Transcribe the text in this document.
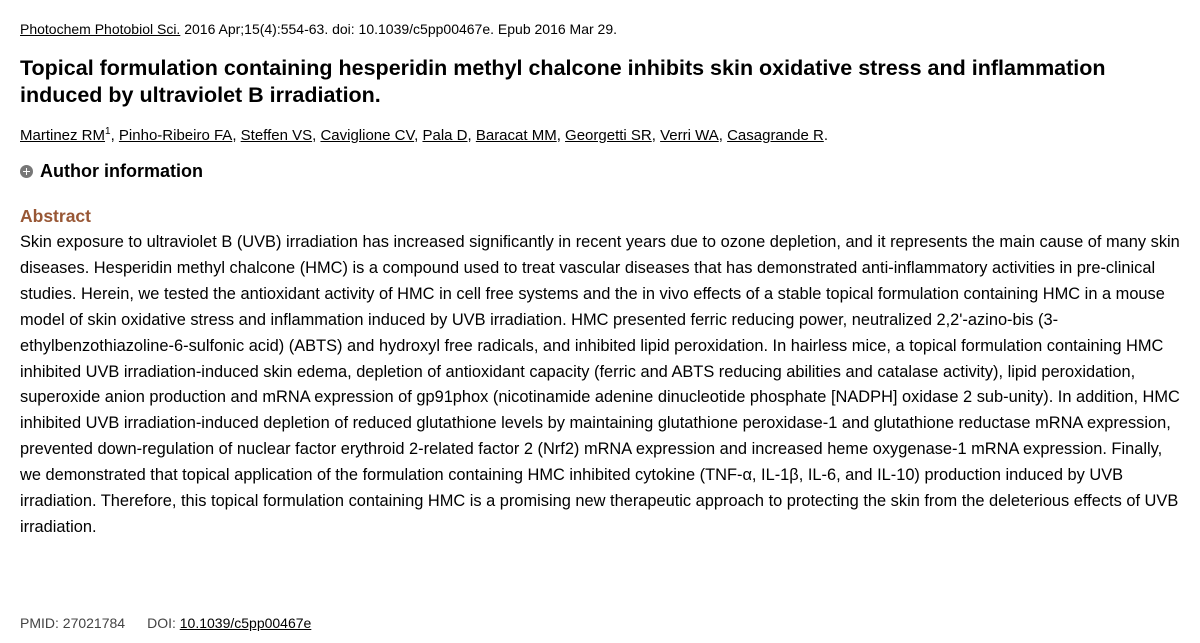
Photochem Photobiol Sci. 2016 Apr;15(4):554-63. doi: 10.1039/c5pp00467e. Epub 2016 Mar 29.
Topical formulation containing hesperidin methyl chalcone inhibits skin oxidative stress and inflammation induced by ultraviolet B irradiation.
Martinez $RM^1$, Pinho-Ribeiro FA, Steffen VS, Caviglione CV, Pala D, Baracat MM, Georgetti SR, Verri WA, Casagrande R.
Author information
Abstract

Skin exposure to ultraviolet B (UVB) irradiation has increased significantly in recent years due to ozone depletion, and it represents the main cause of many skin diseases. Hesperidin methyl chalcone (HMC) is a compound used to treat vascular diseases that has demonstrated anti-inflammatory activities in pre-clinical studies. Herein, we tested the antioxidant activity of HMC in cell free systems and the in vivo effects of a stable topical formulation containing HMC in a mouse model of skin oxidative stress and inflammation induced by UVB irradiation. HMC presented ferric reducing power, neutralized 2,2'-azino-bis (3-ethylbenzothiazoline-6-sulfonic acid) (ABTS) and hydroxyl free radicals, and inhibited lipid peroxidation. In hairless mice, a topical formulation containing HMC inhibited UVB irradiation-induced skin edema, depletion of antioxidant capacity (ferric and ABTS reducing abilities and catalase activity), lipid peroxidation, superoxide anion production and mRNA expression of gp91phox (nicotinamide adenine dinucleotide phosphate [NADPH] oxidase 2 sub-unity). In addition, HMC inhibited UVB irradiation-induced depletion of reduced glutathione levels by maintaining glutathione peroxidase-1 and glutathione reductase mRNA expression, prevented down-regulation of nuclear factor erythroid 2-related factor 2 (Nrf2) mRNA expression and increased heme oxygenase-1 mRNA expression. Finally, we demonstrated that topical application of the formulation containing HMC inhibited cytokine (TNF-α, IL-1β, IL-6, and IL-10) production induced by UVB irradiation. Therefore, this topical formulation containing HMC is a promising new therapeutic approach to protecting the skin from the deleterious effects of UVB irradiation.

PMID: 27021784 DOI: 10.1039/c5pp00467e
